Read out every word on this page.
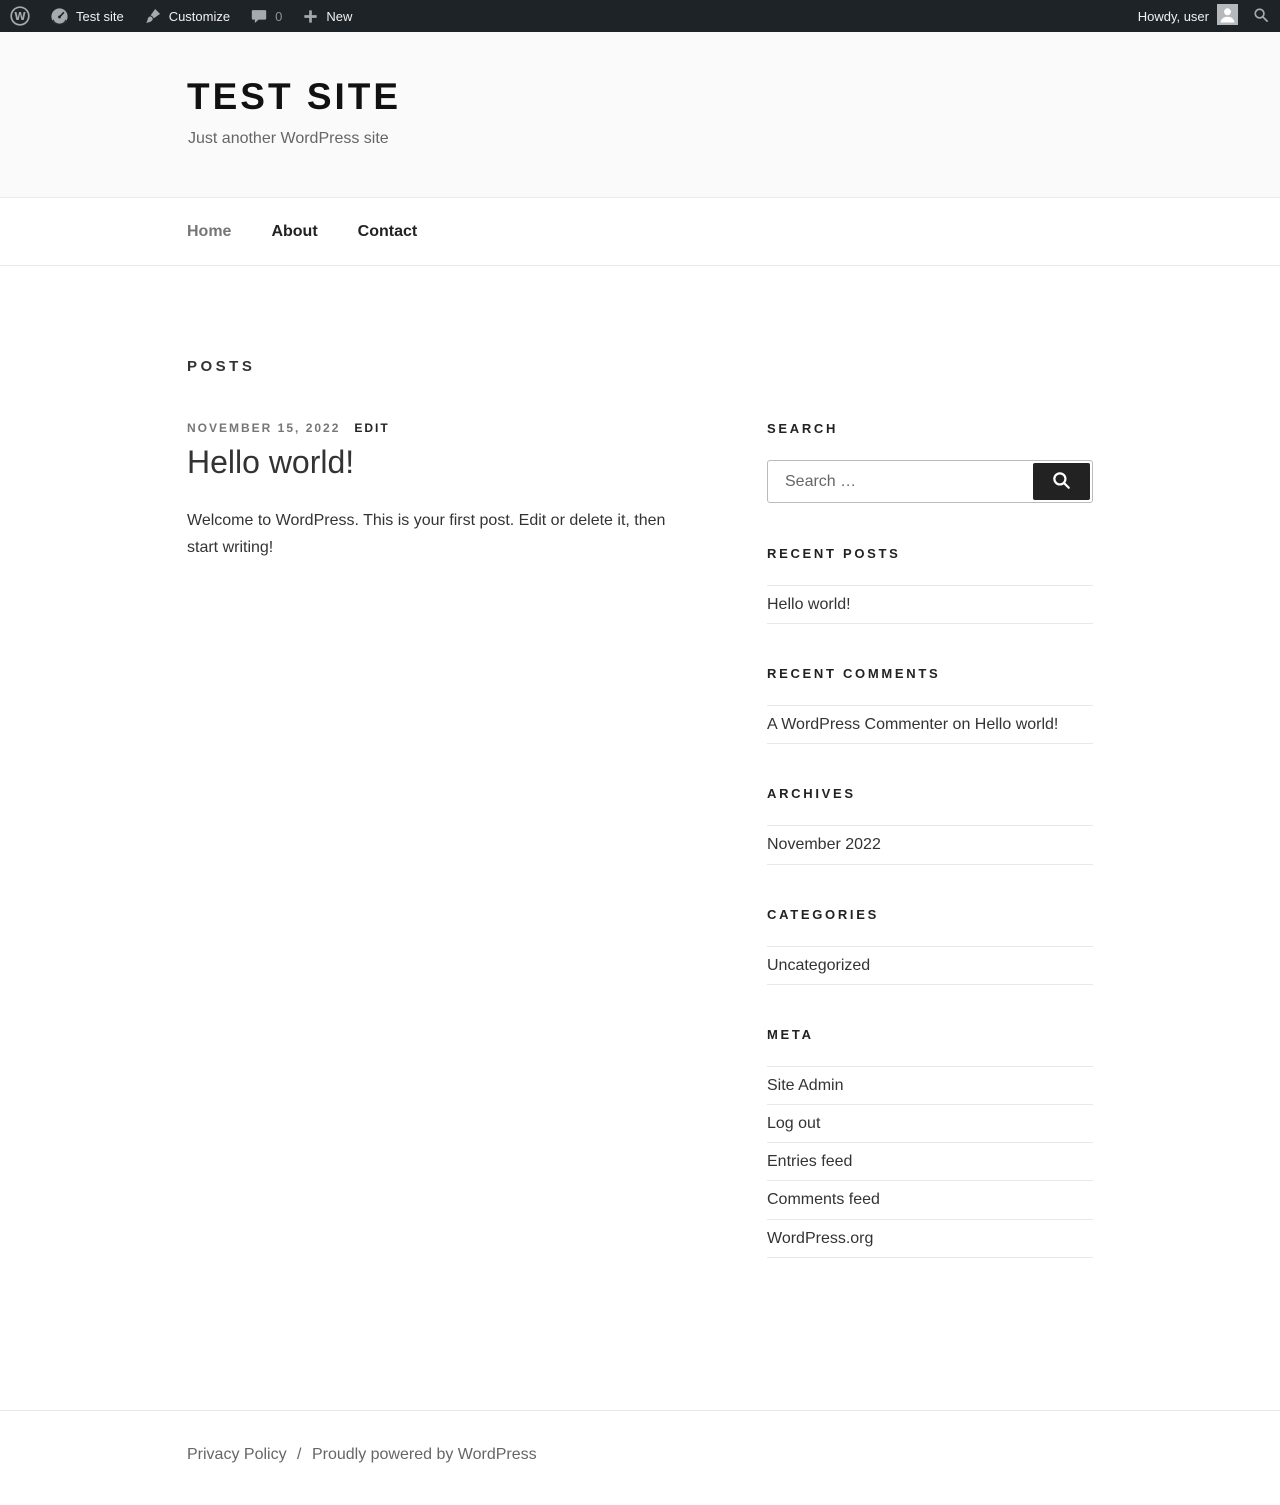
W	Test site	Customize	0	New	Howdy, user
TEST SITE

Just another WordPress site

Home	About	Contact
POSTS
NOVEMBER 15, 2022 EDIT
Hello world!

Welcome to WordPress. This is your first post. Edit or delete it, then start writing!

SEARCH
Search …
RECENT POSTS
Hello world!
RECENT COMMENTS
A WordPress Commenter on Hello world!
ARCHIVES
November 2022
CATEGORIES
Uncategorized
META
Site Admin
Log out
Entries feed
Comments feed
WordPress.org
Privacy Policy / Proudly powered by WordPress
